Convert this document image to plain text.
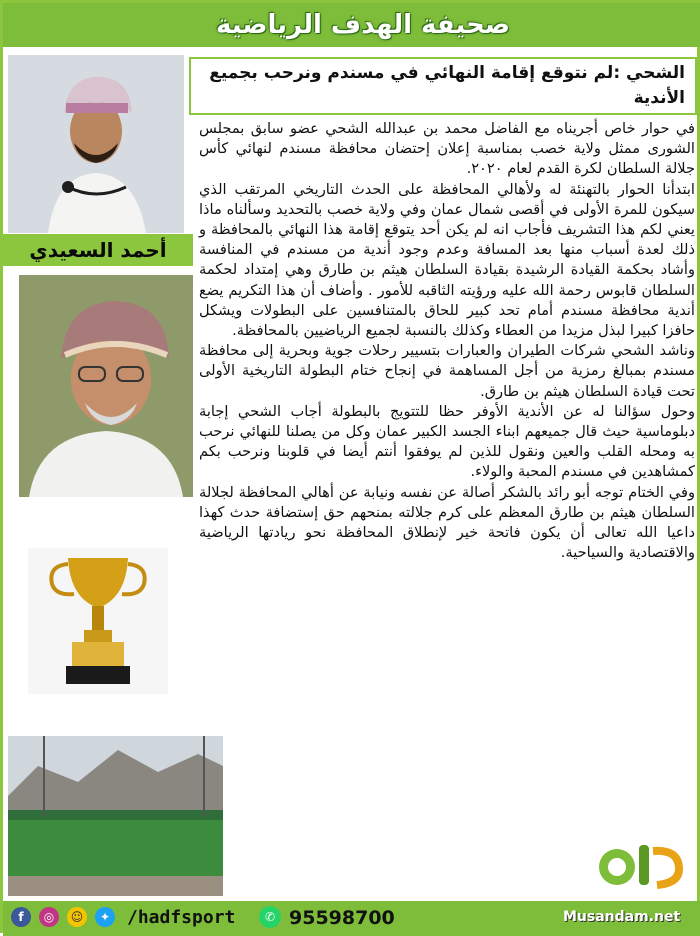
صحيفة الهدف الرياضية
الشحي :لم نتوقع إقامة النهائي في مسندم ونرحب بجميع الأندية

في حوار خاص أجريناه مع الفاضل محمد بن عبدالله الشحي عضو سابق بمجلس الشورى ممثل ولاية خصب بمناسبة إعلان إحتضان محافظة مسندم لنهائي كأس جلالة السلطان لكرة القدم لعام ٢٠٢٠.

ابتدأنا الحوار بالتهنئة له ولأهالي المحافظة على الحدث التاريخي المرتقب الذي سيكون للمرة الأولى في أقصى شمال عمان وفي ولاية خصب بالتحديد وسألناه ماذا يعني لكم هذا التشريف فأجاب انه لم يكن أحد يتوقع إقامة هذا النهائي بالمحافظة و ذلك لعدة أسباب منها بعد المسافة وعدم وجود أندية من مسندم في المنافسة وأشاد بحكمة القيادة الرشيدة بقيادة السلطان هيثم بن طارق وهي إمتداد لحكمة السلطان قابوس رحمة الله عليه ورؤيته الثاقبه للأمور . وأضاف أن هذا التكريم يضع أندية محافظة مسندم أمام تحد كبير للحاق بالمتنافسين على البطولات ويشكل حافزا كبيرا لبذل مزيدا من العطاء وكذلك بالنسبة لجميع الرياضيين بالمحافظة.

وناشد الشحي شركات الطيران والعبارات بتسيير رحلات جوية وبحرية إلى محافظة مسندم بمبالغ رمزية من أجل المساهمة في إنجاح ختام البطولة التاريخية الأولى تحت قيادة السلطان هيثم بن طارق.

وحول سؤالنا له عن الأندية الأوفر حظا للتتويج بالبطولة أجاب الشحي إجابة دبلوماسية حيث قال جميعهم ابناء الجسد الكبير عمان وكل من يصلنا للنهائي نرحب به ومحله القلب والعين ونقول للذين لم يوفقوا أنتم أيضا في قلوبنا ونرحب بكم كمشاهدين في مسندم المحبة والولاء.

وفي الختام توجه أبو رائد بالشكر أصالة عن نفسه ونيابة عن أهالي المحافظة لجلالة السلطان هيثم بن طارق المعظم على كرم جلالته بمنحهم حق إستضافة حدث كهذا داعيا الله تعالى أن يكون فاتحة خير لإنطلاق المحافظة نحو ريادتها الرياضية والاقتصادية والسياحية.

أحمد السعيدي
f	◎	☺	✦ /hadfsport	✆ 95598700	Musandam.net
